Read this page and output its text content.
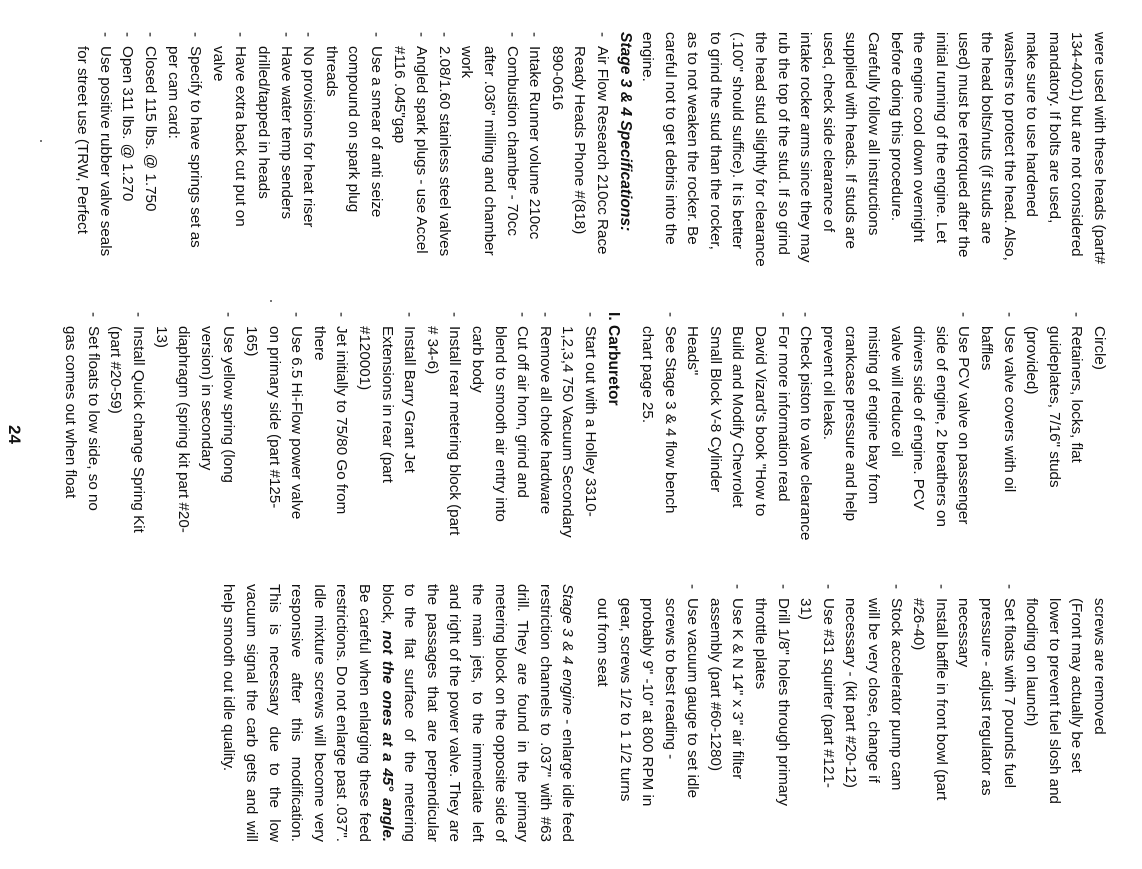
were used with these heads (part#
134-4001) but are not considered
mandatory. If bolts are used,
make sure to use hardened
washers to protect the head. Also,
the head bolts/nuts (if studs are
used) must be retorqued after the
initial running of the engine. Let
the engine cool down overnight
before doing this procedure.
Carefully follow all instructions
supplied with heads. If studs are
used, check side clearance of
intake rocker arms since they may
rub the top of the stud. If so grind
the head stud slightly for clearance
(.100" should suffice). It is better
to grind the stud than the rocker,
as to not weaken the rocker. Be
careful not to get debris into the
engine.

Stage 3 & 4 Specifications:

- Air Flow Research 210cc Race
Ready Heads Phone #(818)
890-0616
- Intake Runner volume 210cc
- Combustion chamber - 70cc
after .036" milling and chamber
work
- 2.08/1.60 stainless steel valves
- Angled spark plugs - use Accel
#116 .045"gap
- Use a smear of anti seize
compound on spark plug
threads
- No provisions for heat riser
- Have water temp senders
drilled/tapped in heads
- Have extra back cut put on
valve
- Specify to have springs set as
per cam card:
- Closed 115 lbs. @ 1.750
- Open 311 lbs. @ 1.270
- Use positive rubber valve seals
for street use (TRW, Perfect
Circle)
- Retainers, locks, flat
guideplates, 7/16" studs
(provided)
- Use valve covers with oil
baffles
- Use PCV valve on passenger
side of engine, 2 breathers on
drivers side of engine. PCV
valve will reduce oil
misting of engine bay from
crankcase pressure and help
prevent oil leaks.
- Check piston to valve clearance
- For more information read
David Vizard's book "How to
Build and Modify Chevrolet
Small Block V-8 Cylinder
Heads"
- See Stage 3 & 4 flow bench
chart page 25.

I. Carburetor

- Start out with a Holley 3310-
1,2,3,4 750 Vacuum Secondary
- Remove all choke hardware
- Cut off air horn, grind and
blend to smooth air entry into
carb body
- Install rear metering block (part
# 34-6)
- Install Barry Grant Jet
Extensions in rear (part
#120001)
- Jet initially to 75/80 Go from
there
- Use 6.5 Hi-Flow power valve
on primary side (part #125-
165)
- Use yellow spring (long
version) in secondary
diaphragm (spring kit part #20-
13)
- Install Quick change Spring Kit
(part #20-59)
- Set floats to low side, so no
gas comes out when float
screws are removed
(Front may actually be set
lower to prevent fuel slosh and
flooding on launch)
- Set floats with 7 pounds fuel
pressure - adjust regulator as
necessary
- Install baffle in front bowl (part
#26-40)
- Stock accelerator pump cam
will be very close, change if
necessary - (kit part #20-12)
- Use #31 squirter (part #121-
31)
- Drill 1/8" holes through primary
throttle plates
- Use K & N 14" x 3" air filter
assembly (part #60-1280)
- Use vacuum gauge to set idle
screws to best reading -
probably 9" -10" at 800 RPM in
gear, screws 1/2 to 1 1/2 turns
out from seat

Stage 3 & 4 engine - enlarge idle feed restriction channels to .037" with #63 drill. They are found in the primary metering block on the opposite side of the main jets, to the immediate left and right of the power valve. They are the passages that are perpendicular to the flat surface of the metering block, not the ones at a 45° angle. Be careful when enlarging these feed restrictions. Do not enlarge past .037". Idle mixture screws will become very responsive after this modification. This is necessary due to the low vacuum signal the carb gets and will help smooth out idle quality.

24
